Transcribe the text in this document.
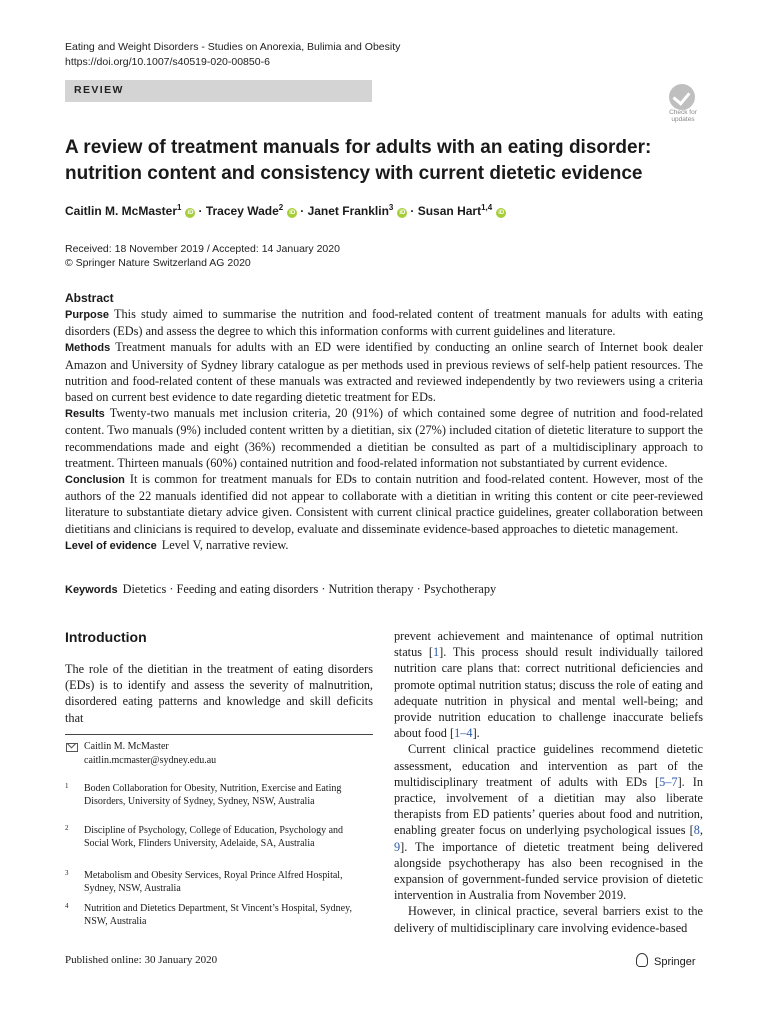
Eating and Weight Disorders - Studies on Anorexia, Bulimia and Obesity
https://doi.org/10.1007/s40519-020-00850-6
REVIEW
Check for updates
A review of treatment manuals for adults with an eating disorder: nutrition content and consistency with current dietetic evidence
Caitlin M. McMaster$^1$iD · Tracey Wade$^2$iD · Janet Franklin$^3$iD · Susan Hart$^{1,4}$iD
Received: 18 November 2019 / Accepted: 14 January 2020
© Springer Nature Switzerland AG 2020
Abstract

Purpose This study aimed to summarise the nutrition and food-related content of treatment manuals for adults with eating disorders (EDs) and assess the degree to which this information conforms with current guidelines and literature.

Methods Treatment manuals for adults with an ED were identified by conducting an online search of Internet book dealer Amazon and University of Sydney library catalogue as per methods used in previous reviews of self-help patient resources. The nutrition and food-related content of these manuals was extracted and reviewed independently by two reviewers using a criteria based on current best evidence to date regarding dietetic treatment for EDs.

Results Twenty-two manuals met inclusion criteria, 20 (91%) of which contained some degree of nutrition and food-related content. Two manuals (9%) included content written by a dietitian, six (27%) included citation of dietetic literature to support the recommendations made and eight (36%) recommended a dietitian be consulted as part of a multidisciplinary approach to treatment. Thirteen manuals (60%) contained nutrition and food-related information not substantiated by current evidence.

Conclusion It is common for treatment manuals for EDs to contain nutrition and food-related content. However, most of the authors of the 22 manuals identified did not appear to collaborate with a dietitian in writing this content or cite peer-reviewed literature to substantiate dietary advice given. Consistent with current clinical practice guidelines, greater collaboration between dietitians and clinicians is required to develop, evaluate and disseminate evidence-based approaches to dietetic management.

Level of evidence Level V, narrative review.

Keywords Dietetics · Feeding and eating disorders · Nutrition therapy · Psychotherapy
Introduction

The role of the dietitian in the treatment of eating disorders (EDs) is to identify and assess the severity of malnutrition, disordered eating patterns and knowledge and skill deficits that

Caitlin M. McMaster
caitlin.mcmaster@sydney.edu.au
1 Boden Collaboration for Obesity, Nutrition, Exercise and Eating Disorders, University of Sydney, Sydney, NSW, Australia
2 Discipline of Psychology, College of Education, Psychology and Social Work, Flinders University, Adelaide, SA, Australia
3 Metabolism and Obesity Services, Royal Prince Alfred Hospital, Sydney, NSW, Australia
4 Nutrition and Dietetics Department, St Vincent’s Hospital, Sydney, NSW, Australia
Published online: 30 January 2020	Springer

prevent achievement and maintenance of optimal nutrition status [1]. This process should result individually tailored nutrition care plans that: correct nutritional deficiencies and promote optimal nutrition status; discuss the role of eating and adequate nutrition in physical and mental well-being; and provide nutrition education to challenge inaccurate beliefs about food [1–4].

Current clinical practice guidelines recommend dietetic assessment, education and intervention as part of the multidisciplinary treatment of adults with EDs [5–7]. In practice, involvement of a dietitian may also liberate therapists from ED patients’ queries about food and nutrition, enabling greater focus on underlying psychological issues [8, 9]. The importance of dietetic treatment being delivered alongside psychotherapy has also been recognised in the expansion of government-funded service provision of dietetic intervention in Australia from November 2019.

However, in clinical practice, several barriers exist to the delivery of multidisciplinary care involving evidence-based
